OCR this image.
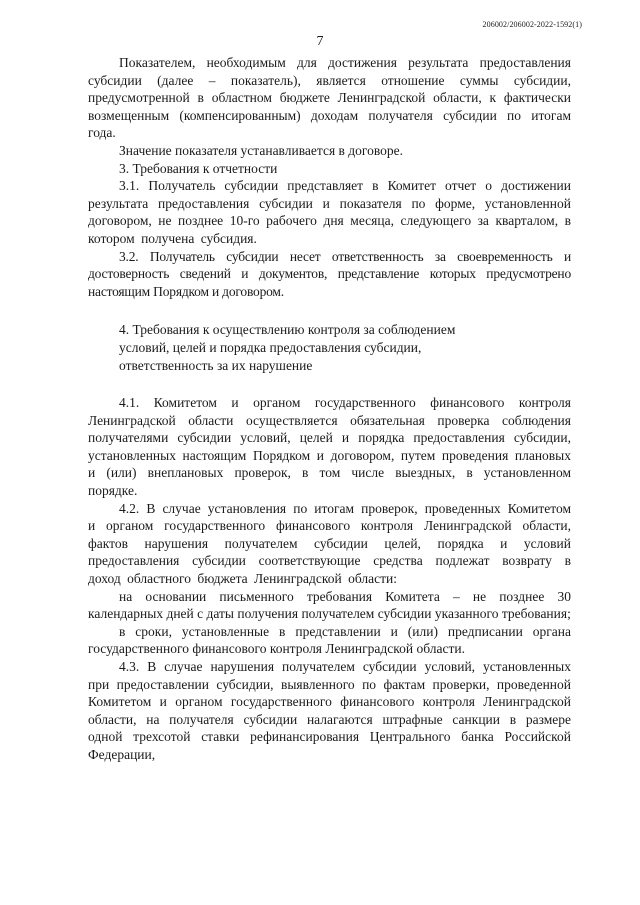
206002/206002-2022-1592(1)
7

Показателем, необходимым для достижения результата предоставления субсидии (далее – показатель), является отношение суммы субсидии, предусмотренной в областном бюджете Ленинградской области, к фактически возмещенным (компенсированным) доходам получателя субсидии по итогам года.

Значение показателя устанавливается в договоре.

3. Требования к отчетности

3.1. Получатель субсидии представляет в Комитет отчет о достижении результата предоставления субсидии и показателя по форме, установленной договором, не позднее 10-го рабочего дня месяца, следующего за кварталом, в котором получена субсидия.

3.2. Получатель субсидии несет ответственность за своевременность и достоверность сведений и документов, представление которых предусмотрено настоящим Порядком и договором.

4. Требования к осуществлению контроля за соблюдением

условий, целей и порядка предоставления субсидии,

ответственность за их нарушение

4.1. Комитетом и органом государственного финансового контроля Ленинградской области осуществляется обязательная проверка соблюдения получателями субсидии условий, целей и порядка предоставления субсидии, установленных настоящим Порядком и договором, путем проведения плановых и (или) внеплановых проверок, в том числе выездных, в установленном порядке.

4.2. В случае установления по итогам проверок, проведенных Комитетом и органом государственного финансового контроля Ленинградской области, фактов нарушения получателем субсидии целей, порядка и условий предоставления субсидии соответствующие средства подлежат возврату в доход областного бюджета Ленинградской области:

на основании письменного требования Комитета – не позднее 30 календарных дней с даты получения получателем субсидии указанного требования;

в сроки, установленные в представлении и (или) предписании органа государственного финансового контроля Ленинградской области.

4.3. В случае нарушения получателем субсидии условий, установленных при предоставлении субсидии, выявленного по фактам проверки, проведенной Комитетом и органом государственного финансового контроля Ленинградской области, на получателя субсидии налагаются штрафные санкции в размере одной трехсотой ставки рефинансирования Центрального банка Российской Федерации,
